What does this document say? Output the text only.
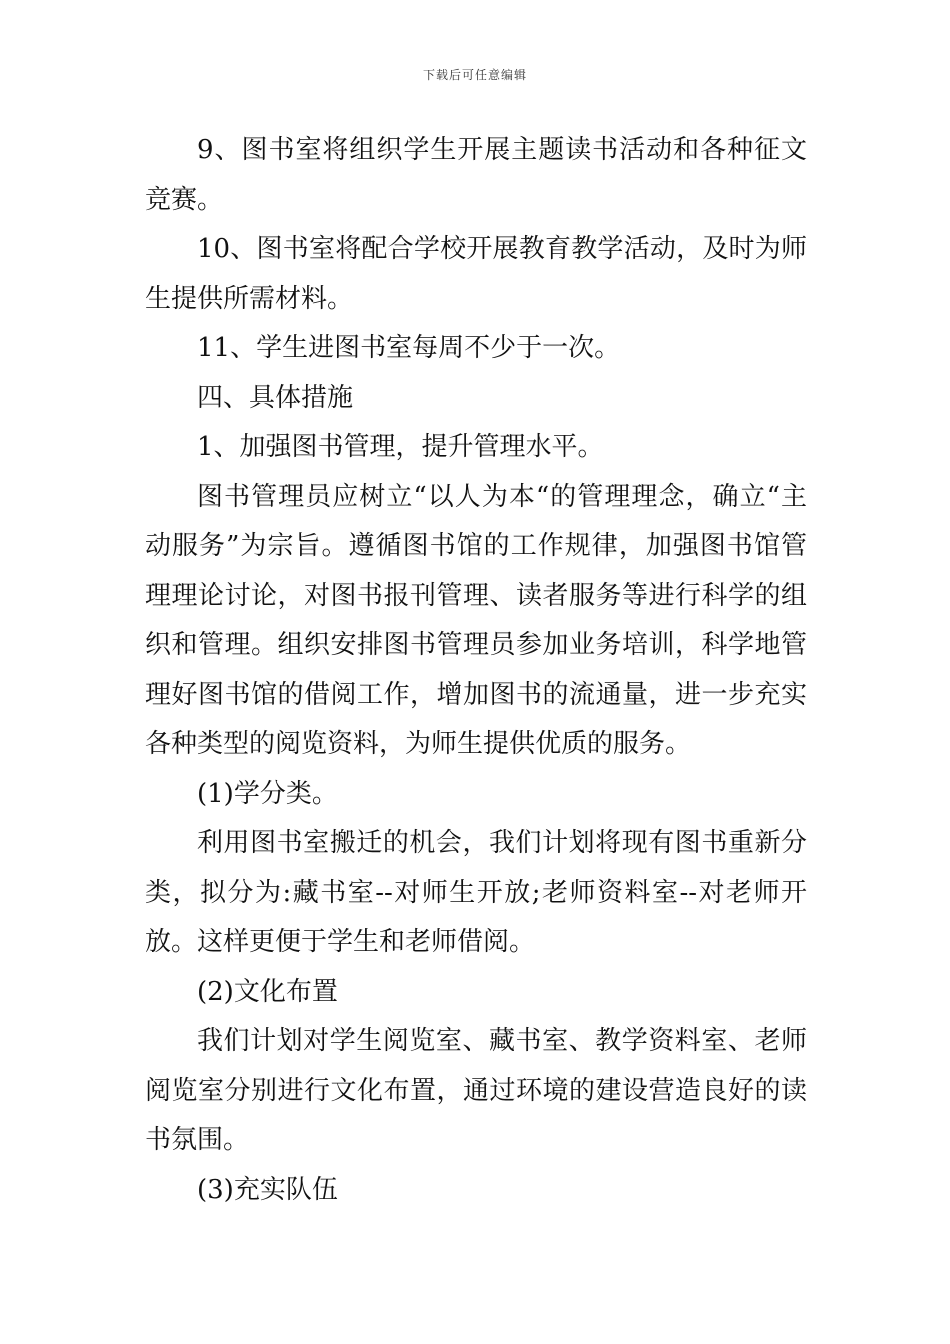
下载后可任意编辑

9、图书室将组织学生开展主题读书活动和各种征文竞赛。

10、图书室将配合学校开展教育教学活动，及时为师生提供所需材料。

11、学生进图书室每周不少于一次。

四、具体措施

1、加强图书管理，提升管理水平。

图书管理员应树立“以人为本“的管理理念，确立“主动服务”为宗旨。遵循图书馆的工作规律，加强图书馆管理理论讨论，对图书报刊管理、读者服务等进行科学的组织和管理。组织安排图书管理员参加业务培训，科学地管理好图书馆的借阅工作，增加图书的流通量，进一步充实各种类型的阅览资料，为师生提供优质的服务。

(1)学分类。

利用图书室搬迁的机会，我们计划将现有图书重新分类，拟分为:藏书室--对师生开放;老师资料室--对老师开放。这样更便于学生和老师借阅。

(2)文化布置

我们计划对学生阅览室、藏书室、教学资料室、老师阅览室分别进行文化布置，通过环境的建设营造良好的读书氛围。

(3)充实队伍
